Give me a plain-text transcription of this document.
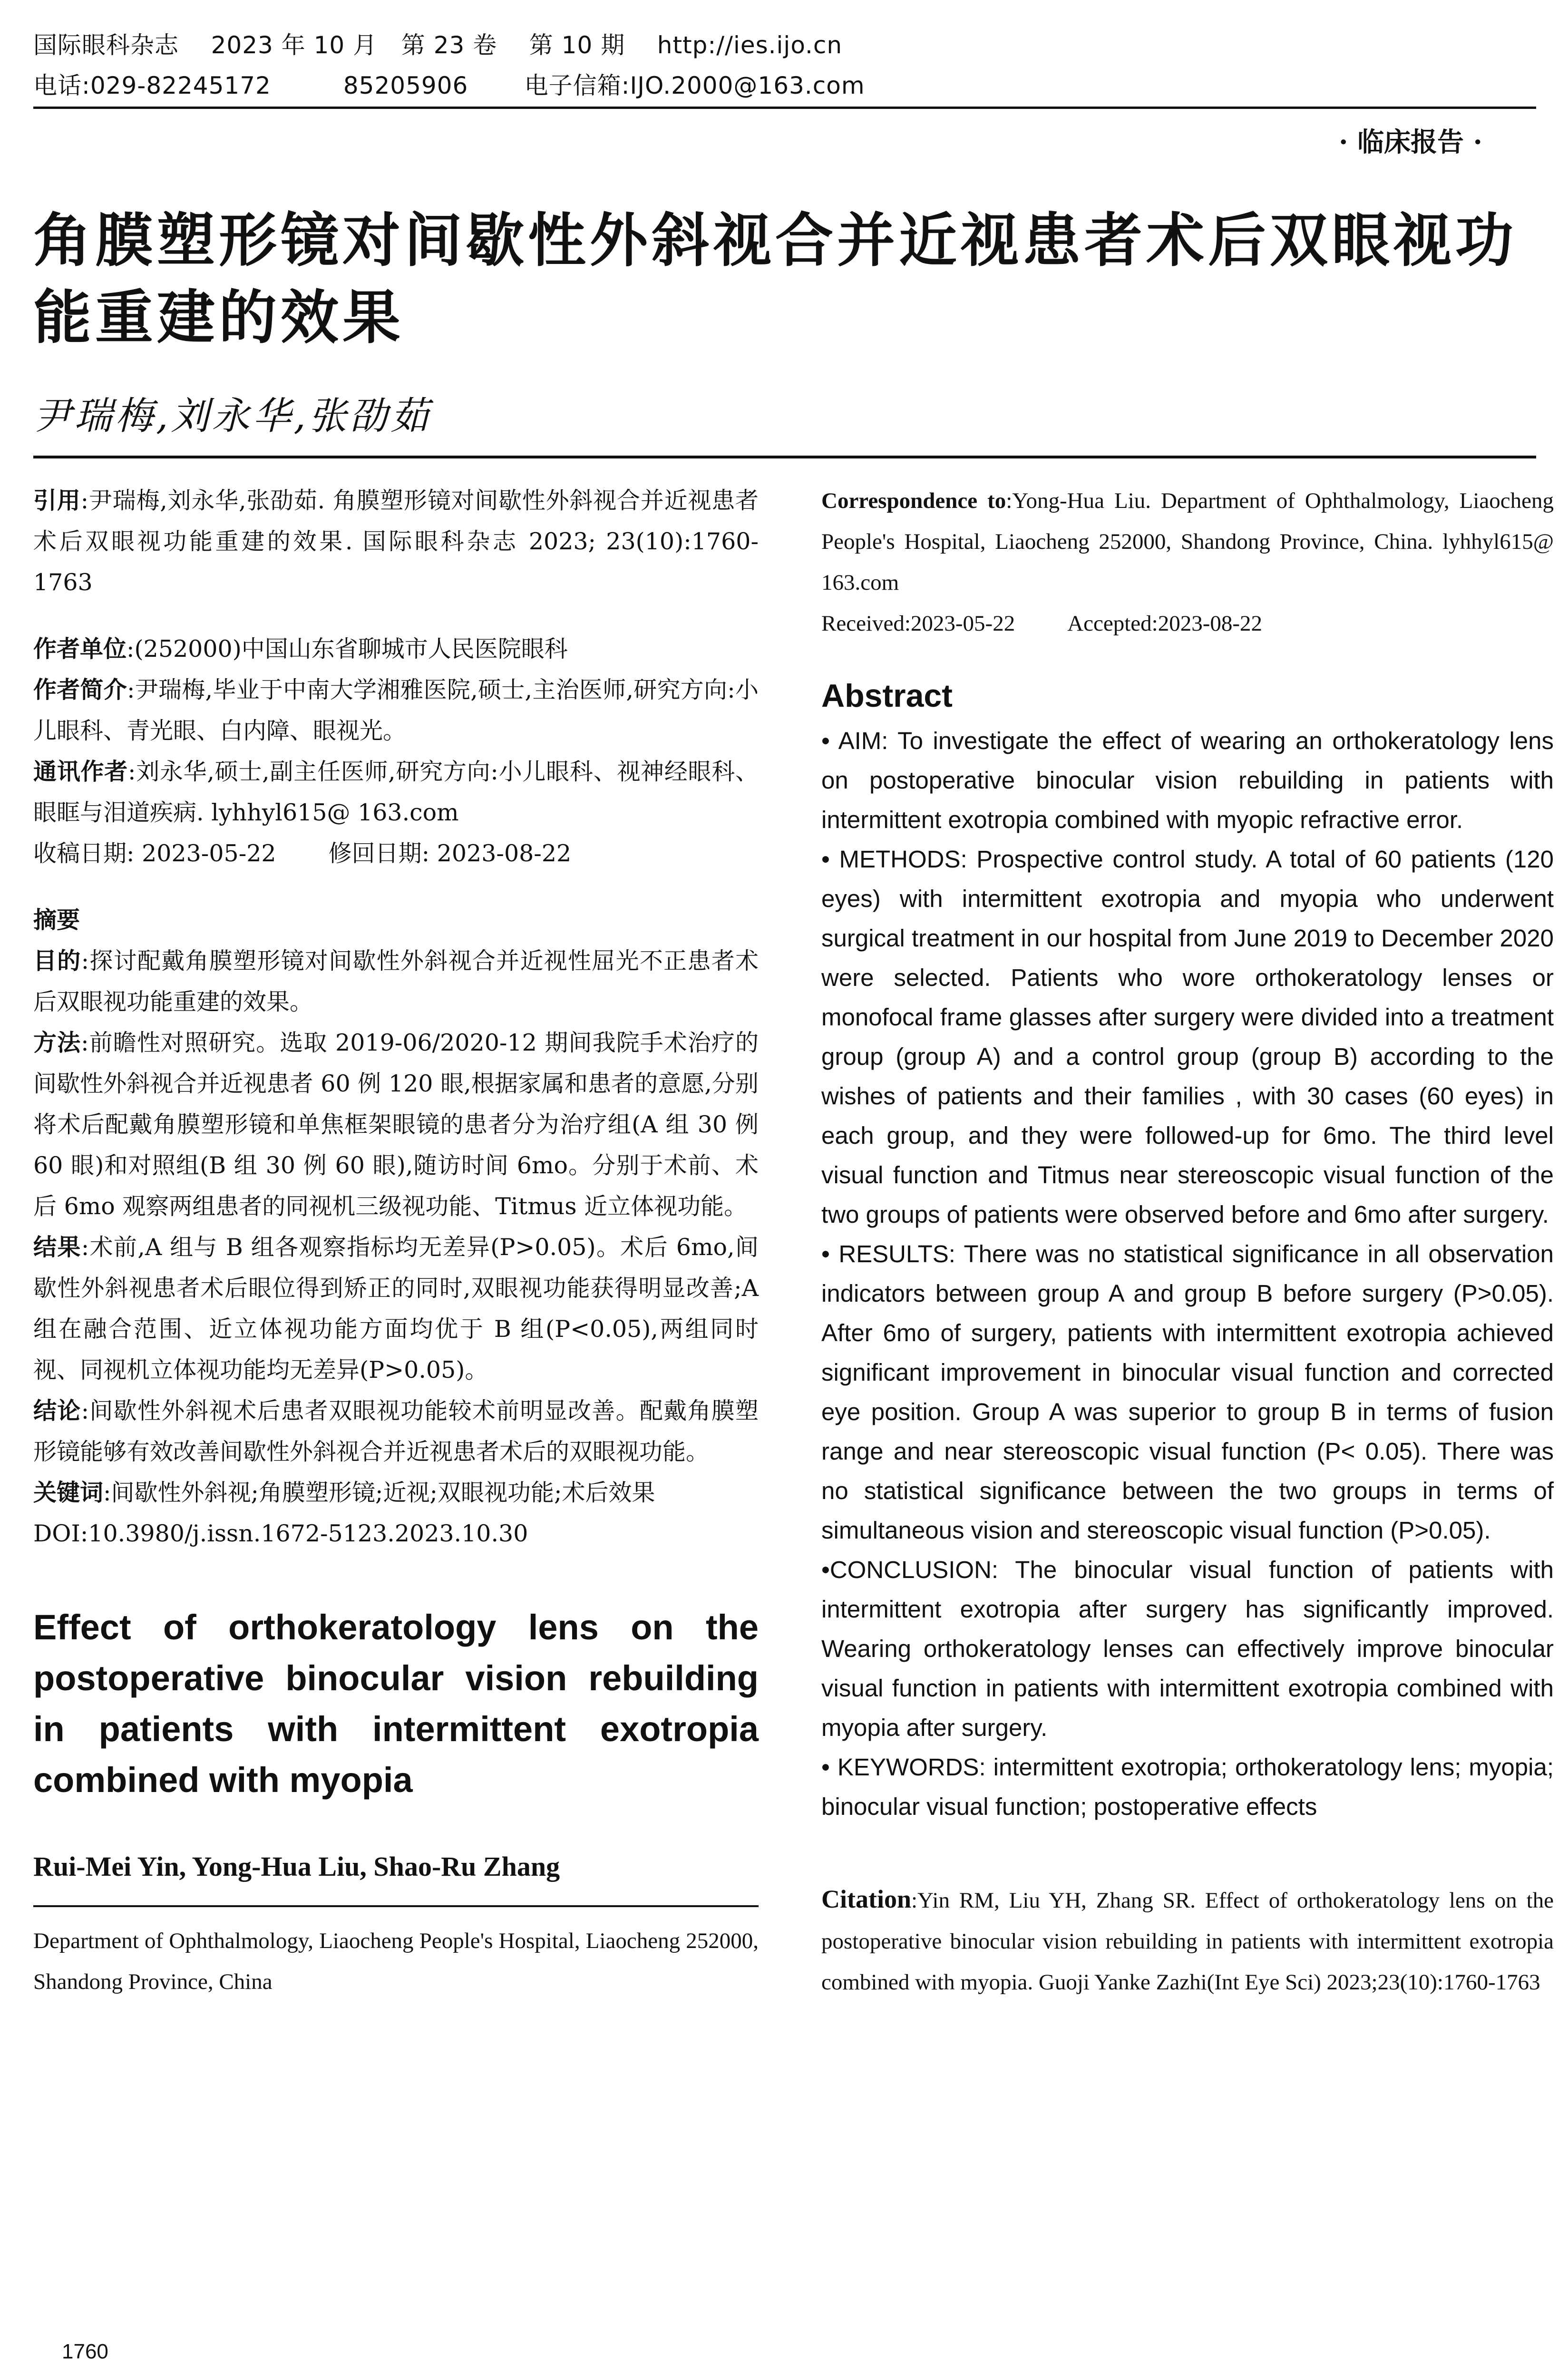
国际眼科杂志    2023 年 10 月   第 23 卷    第 10 期    http://ies.ijo.cn
电话:029-82245172         85205906       电子信箱:IJO.2000@163.com
· 临床报告 ·
角膜塑形镜对间歇性外斜视合并近视患者术后双眼视功能重建的效果
尹瑞梅,刘永华,张劭茹

引用:尹瑞梅,刘永华,张劭茹. 角膜塑形镜对间歇性外斜视合并近视患者术后双眼视功能重建的效果. 国际眼科杂志 2023; 23(10):1760-1763

作者单位:(252000)中国山东省聊城市人民医院眼科

作者简介:尹瑞梅,毕业于中南大学湘雅医院,硕士,主治医师,研究方向:小儿眼科、青光眼、白内障、眼视光。

通讯作者:刘永华,硕士,副主任医师,研究方向:小儿眼科、视神经眼科、眼眶与泪道疾病. lyhhyl615@ 163.com

收稿日期: 2023-05-22 修回日期: 2023-08-22

摘要

目的:探讨配戴角膜塑形镜对间歇性外斜视合并近视性屈光不正患者术后双眼视功能重建的效果。

方法:前瞻性对照研究。选取 2019-06/2020-12 期间我院手术治疗的间歇性外斜视合并近视患者 60 例 120 眼,根据家属和患者的意愿,分别将术后配戴角膜塑形镜和单焦框架眼镜的患者分为治疗组(A 组 30 例 60 眼)和对照组(B 组 30 例 60 眼),随访时间 6mo。分别于术前、术后 6mo 观察两组患者的同视机三级视功能、Titmus 近立体视功能。

结果:术前,A 组与 B 组各观察指标均无差异(P>0.05)。术后 6mo,间歇性外斜视患者术后眼位得到矫正的同时,双眼视功能获得明显改善;A 组在融合范围、近立体视功能方面均优于 B 组(P<0.05),两组同时视、同视机立体视功能均无差异(P>0.05)。

结论:间歇性外斜视术后患者双眼视功能较术前明显改善。配戴角膜塑形镜能够有效改善间歇性外斜视合并近视患者术后的双眼视功能。

关键词:间歇性外斜视;角膜塑形镜;近视;双眼视功能;术后效果

DOI:10.3980/j.issn.1672-5123.2023.10.30

Effect of orthokeratology lens on the postoperative binocular vision rebuilding in patients with intermittent exotropia combined with myopia

Rui-Mei Yin, Yong-Hua Liu, Shao-Ru Zhang

Department of Ophthalmology, Liaocheng People's Hospital, Liaocheng 252000, Shandong Province, China

Correspondence to:Yong-Hua Liu. Department of Ophthalmology, Liaocheng People's Hospital, Liaocheng 252000, Shandong Province, China. lyhhyl615@ 163.com

Received:2023-05-22 Accepted:2023-08-22

Abstract

• AIM: To investigate the effect of wearing an orthokeratology lens on postoperative binocular vision rebuilding in patients with intermittent exotropia combined with myopic refractive error.

• METHODS: Prospective control study. A total of 60 patients (120 eyes) with intermittent exotropia and myopia who underwent surgical treatment in our hospital from June 2019 to December 2020 were selected. Patients who wore orthokeratology lenses or monofocal frame glasses after surgery were divided into a treatment group (group A) and a control group (group B) according to the wishes of patients and their families , with 30 cases (60 eyes) in each group, and they were followed-up for 6mo. The third level visual function and Titmus near stereoscopic visual function of the two groups of patients were observed before and 6mo after surgery.

• RESULTS: There was no statistical significance in all observation indicators between group A and group B before surgery (P>0.05). After 6mo of surgery, patients with intermittent exotropia achieved significant improvement in binocular visual function and corrected eye position. Group A was superior to group B in terms of fusion range and near stereoscopic visual function (P< 0.05). There was no statistical significance between the two groups in terms of simultaneous vision and stereoscopic visual function (P>0.05).

•CONCLUSION: The binocular visual function of patients with intermittent exotropia after surgery has significantly improved. Wearing orthokeratology lenses can effectively improve binocular visual function in patients with intermittent exotropia combined with myopia after surgery.

• KEYWORDS: intermittent exotropia; orthokeratology lens; myopia; binocular visual function; postoperative effects

Citation:Yin RM, Liu YH, Zhang SR. Effect of orthokeratology lens on the postoperative binocular vision rebuilding in patients with intermittent exotropia combined with myopia. Guoji Yanke Zazhi(Int Eye Sci) 2023;23(10):1760-1763

1760
